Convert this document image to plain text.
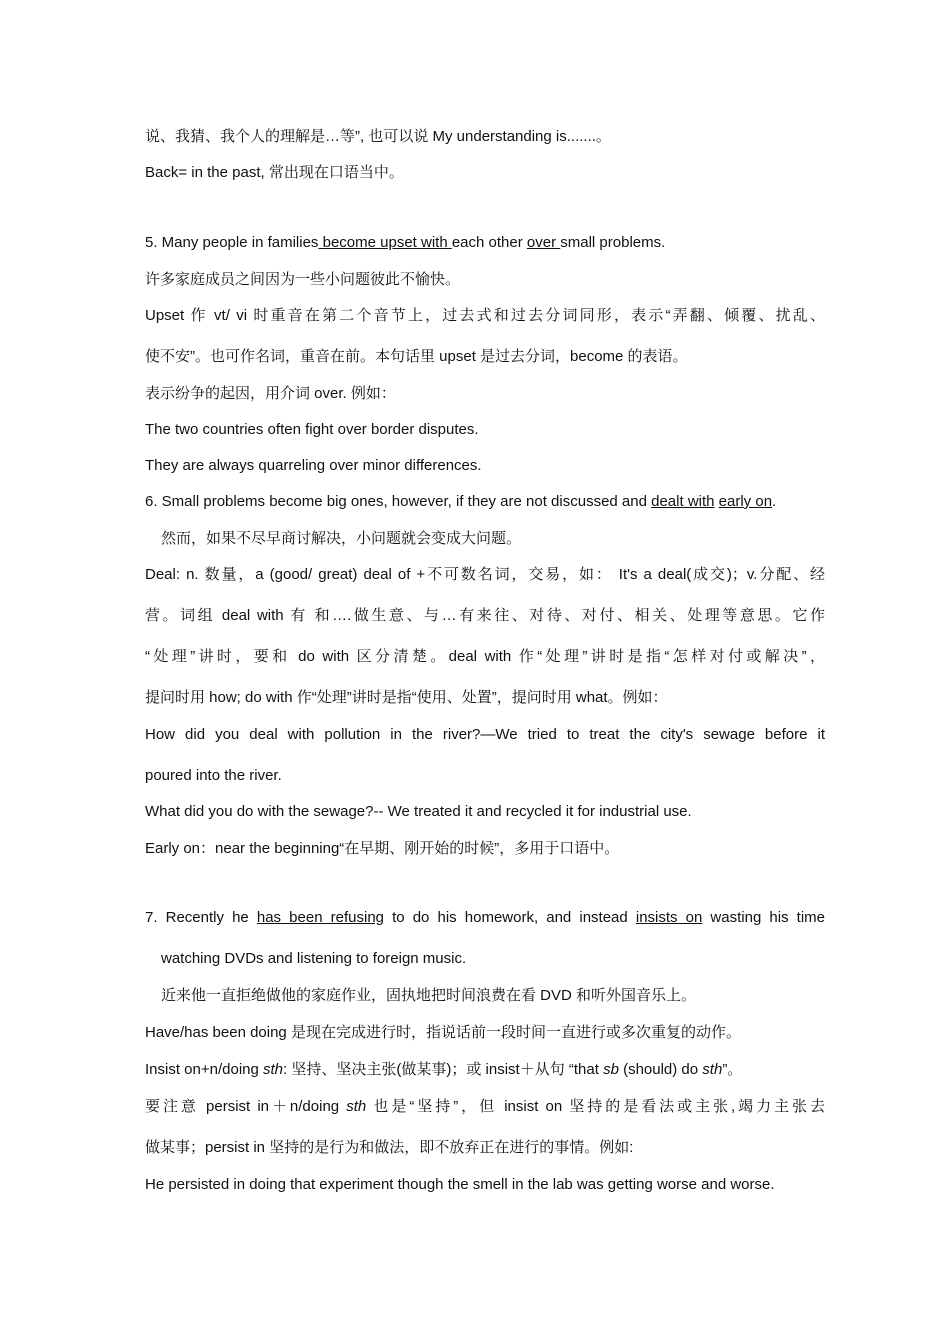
说、我猜、我个人的理解是…等”, 也可以说 My understanding is.......。
Back= in the past, 常出现在口语当中。
5. Many people in families become upset with each other over small problems.
许多家庭成员之间因为一些小问题彼此不愉快。
Upset 作 vt/ vi 时重音在第二个音节上，过去式和过去分词同形，表示“弄翻、倾覆、扰乱、
使不安”。也可作名词，重音在前。本句话里 upset 是过去分词，become 的表语。
表示纷争的起因，用介词 over. 例如：
The two countries often fight over border disputes.
They are always quarreling over minor differences.
6. Small problems become big ones, however, if they are not discussed and dealt with early on.
然而，如果不尽早商讨解决，小问题就会变成大问题。
Deal: n. 数量，a (good/ great) deal of +不可数名词，交易，如： It's a deal(成交)；v.分配、经
营。词组 deal with 有 和….做生意、与…有来往、对待、对付、相关、处理等意思。它作
“处理”讲时，要和 do with 区分清楚。deal with 作“处理”讲时是指“怎样对付或解决”，
提问时用 how; do with 作“处理”讲时是指“使用、处置”，提问时用 what。例如：
How did you deal with pollution in the river?—We tried to treat the city's sewage before it
poured into the river.
What did you do with the sewage?-- We treated it and recycled it for industrial use.
Early on：near the beginning“在早期、刚开始的时候”，多用于口语中。
7. Recently he has been refusing to do his homework, and instead insists on wasting his time
watching DVDs and listening to foreign music.
近来他一直拒绝做他的家庭作业，固执地把时间浪费在看 DVD 和听外国音乐上。
Have/has been doing 是现在完成进行时，指说话前一段时间一直进行或多次重复的动作。
Insist on+n/doing sth: 坚持、坚决主张(做某事)；或 insist＋从句 “that sb (should) do sth”。
要注意 persist in＋n/doing sth 也是“坚持”，但 insist on 坚持的是看法或主张,竭力主张去
做某事；persist in 坚持的是行为和做法，即不放弃正在进行的事情。例如:
He persisted in doing that experiment though the smell in the lab was getting worse and worse.
